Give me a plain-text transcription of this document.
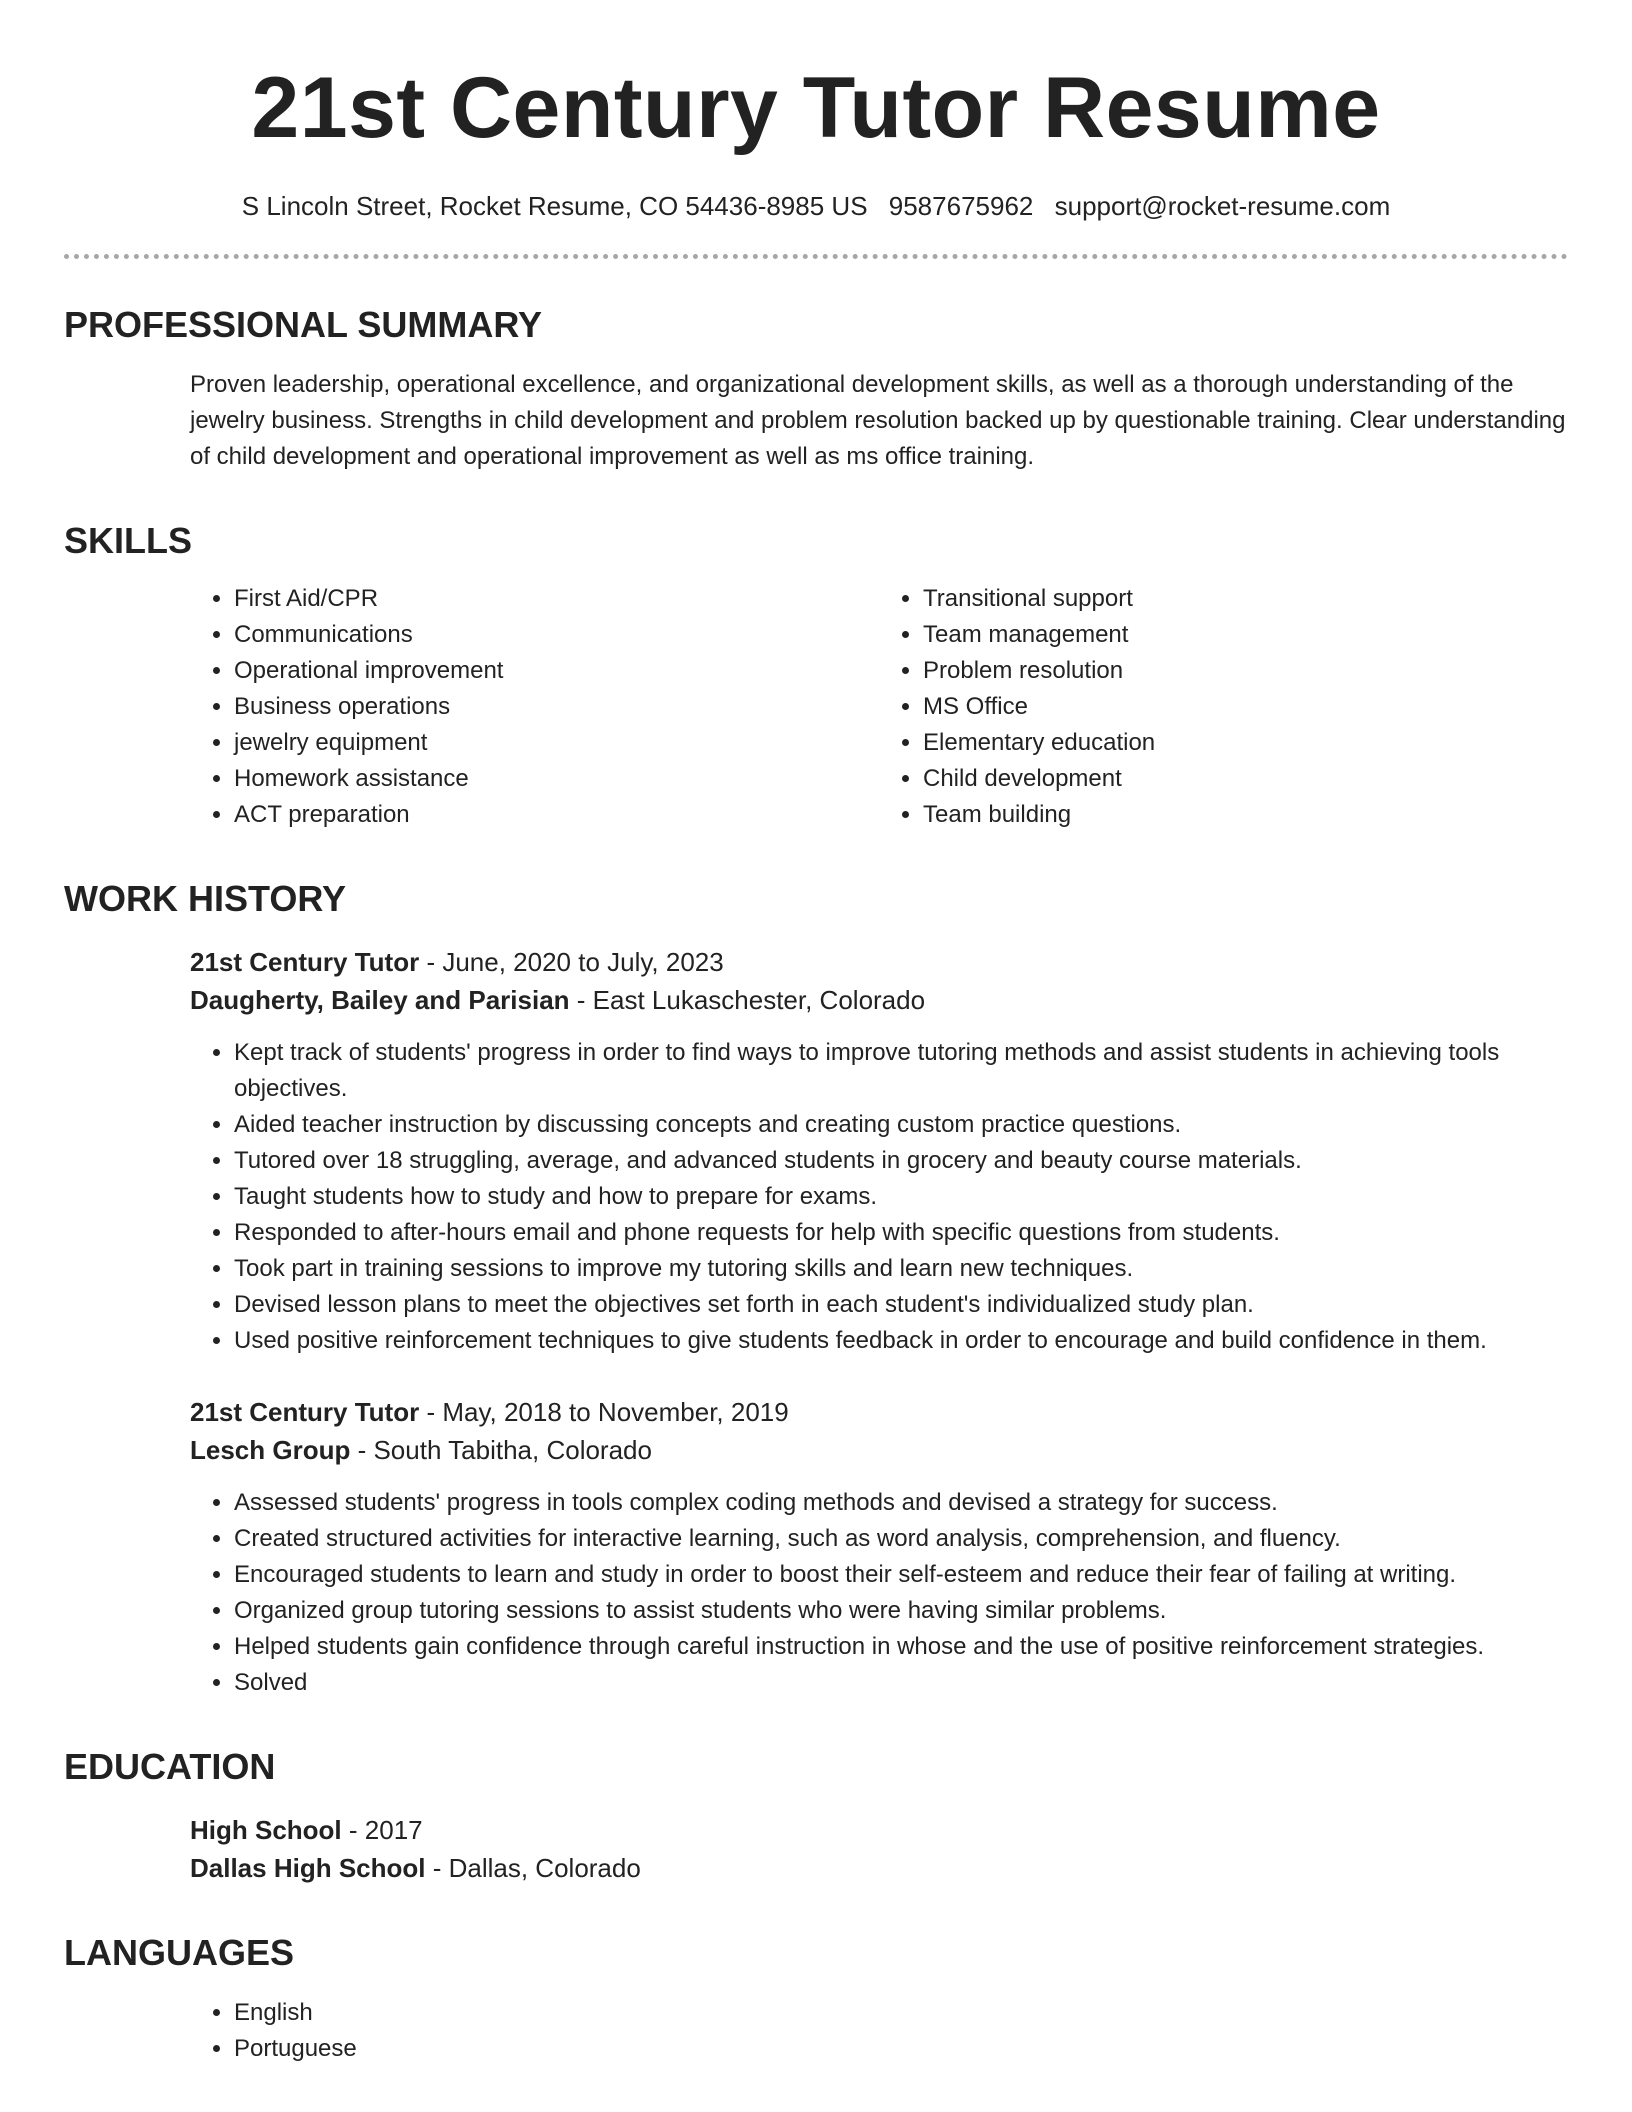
21st Century Tutor Resume
S Lincoln Street, Rocket Resume, CO 54436-8985 US 9587675962 support@rocket-resume.com
PROFESSIONAL SUMMARY

Proven leadership, operational excellence, and organizational development skills, as well as a thorough understanding of the jewelry business. Strengths in child development and problem resolution backed up by questionable training. Clear understanding of child development and operational improvement as well as ms office training.

SKILLS
• First Aid/CPR
• Communications
• Operational improvement
• Business operations
• jewelry equipment
• Homework assistance
• ACT preparation
• Transitional support
• Team management
• Problem resolution
• MS Office
• Elementary education
• Child development
• Team building
WORK HISTORY
21st Century Tutor - June, 2020 to July, 2023
Daugherty, Bailey and Parisian - East Lukaschester, Colorado
• Kept track of students' progress in order to find ways to improve tutoring methods and assist students in achieving tools objectives.
• Aided teacher instruction by discussing concepts and creating custom practice questions.
• Tutored over 18 struggling, average, and advanced students in grocery and beauty course materials.
• Taught students how to study and how to prepare for exams.
• Responded to after-hours email and phone requests for help with specific questions from students.
• Took part in training sessions to improve my tutoring skills and learn new techniques.
• Devised lesson plans to meet the objectives set forth in each student's individualized study plan.
• Used positive reinforcement techniques to give students feedback in order to encourage and build confidence in them.
21st Century Tutor - May, 2018 to November, 2019
Lesch Group - South Tabitha, Colorado
• Assessed students' progress in tools complex coding methods and devised a strategy for success.
• Created structured activities for interactive learning, such as word analysis, comprehension, and fluency.
• Encouraged students to learn and study in order to boost their self-esteem and reduce their fear of failing at writing.
• Organized group tutoring sessions to assist students who were having similar problems.
• Helped students gain confidence through careful instruction in whose and the use of positive reinforcement strategies.
• Solved
EDUCATION
High School - 2017
Dallas High School - Dallas, Colorado
LANGUAGES
• English
• Portuguese
